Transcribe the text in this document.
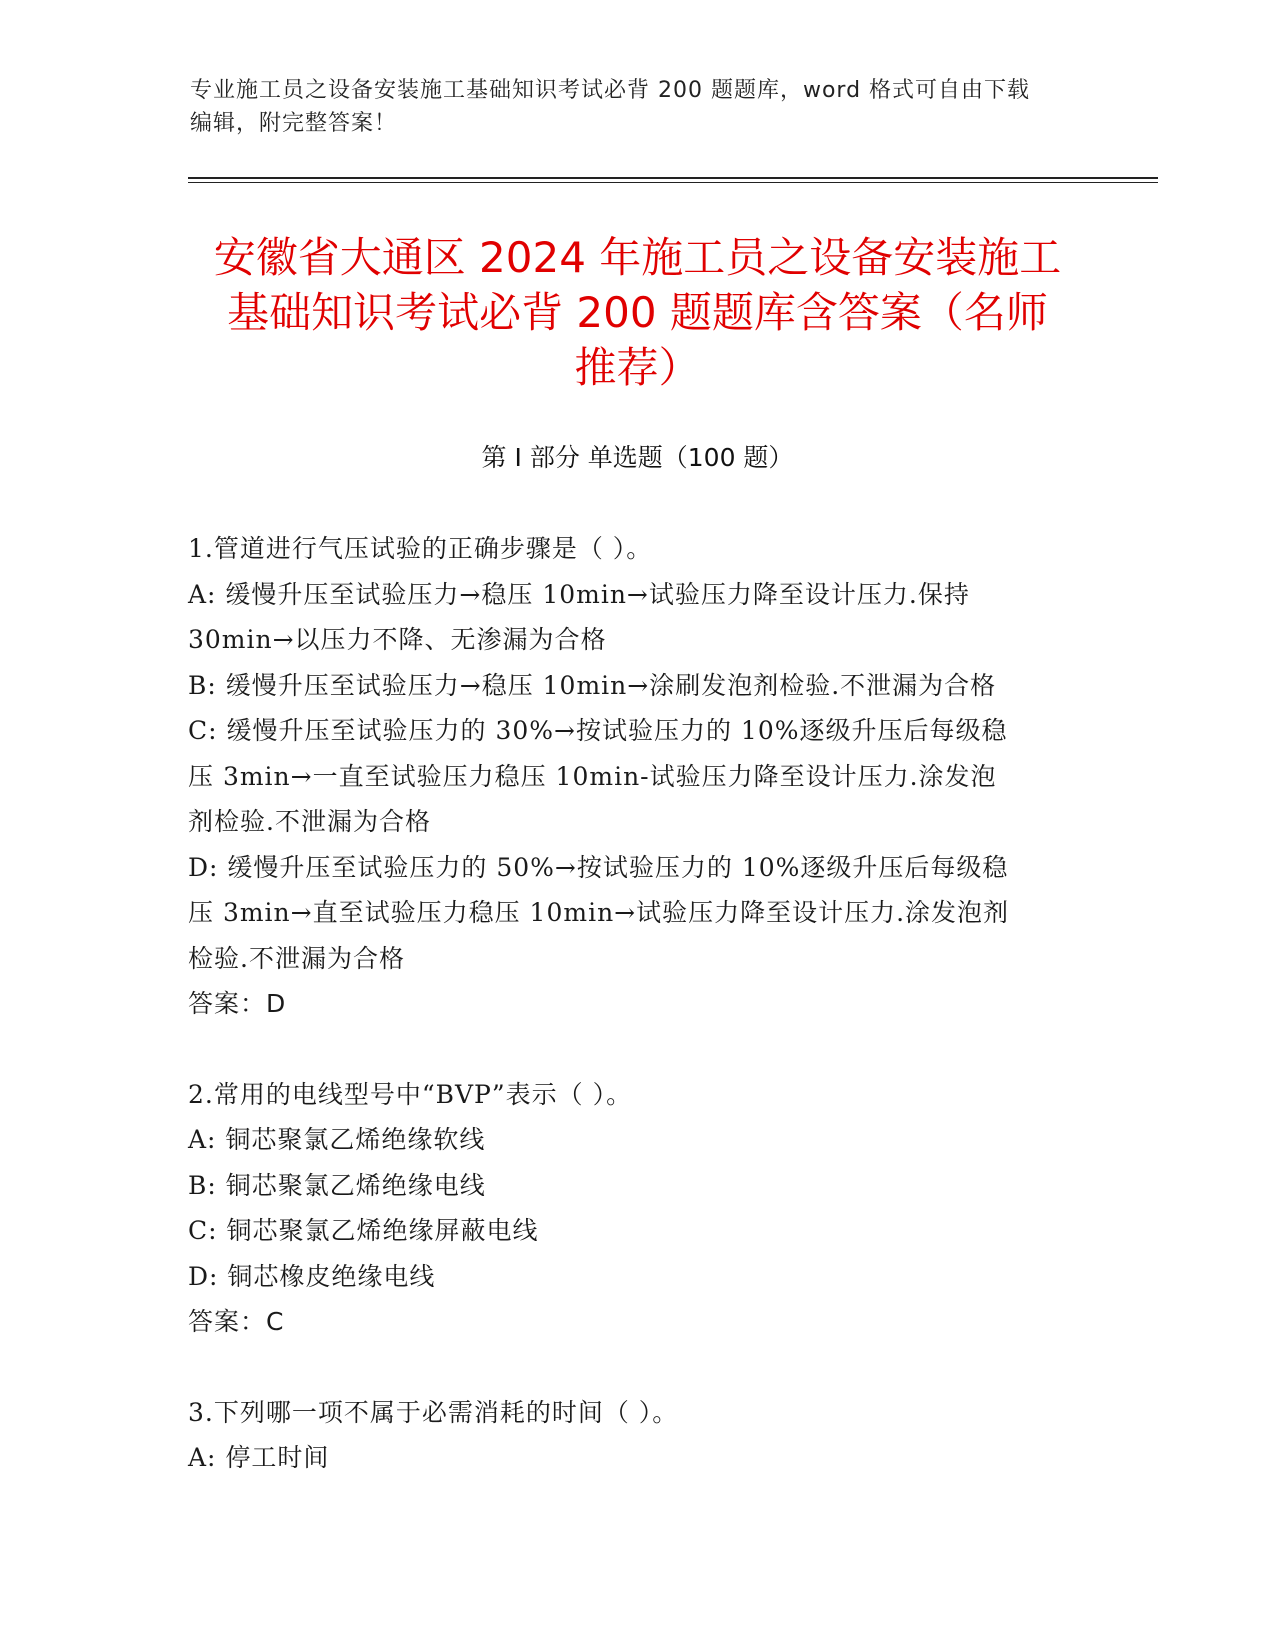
专业施工员之设备安装施工基础知识考试必背 200 题题库，word 格式可自由下载
编辑，附完整答案！
安徽省大通区 2024 年施工员之设备安装施工
基础知识考试必背 200 题题库含答案（名师
推荐）
第 I 部分 单选题（100 题）

1.管道进行气压试验的正确步骤是（ ）。

A: 缓慢升压至试验压力→稳压 10min→试验压力降至设计压力.保持

30min→以压力不降、无渗漏为合格

B: 缓慢升压至试验压力→稳压 10min→涂刷发泡剂检验.不泄漏为合格

C: 缓慢升压至试验压力的 30%→按试验压力的 10%逐级升压后每级稳

压 3min→一直至试验压力稳压 10min-试验压力降至设计压力.涂发泡

剂检验.不泄漏为合格

D: 缓慢升压至试验压力的 50%→按试验压力的 10%逐级升压后每级稳

压 3min→直至试验压力稳压 10min→试验压力降至设计压力.涂发泡剂

检验.不泄漏为合格

答案：D

2.常用的电线型号中“BVP”表示（ ）。

A: 铜芯聚氯乙烯绝缘软线

B: 铜芯聚氯乙烯绝缘电线

C: 铜芯聚氯乙烯绝缘屏蔽电线

D: 铜芯橡皮绝缘电线

答案：C

3.下列哪一项不属于必需消耗的时间（ ）。

A: 停工时间
